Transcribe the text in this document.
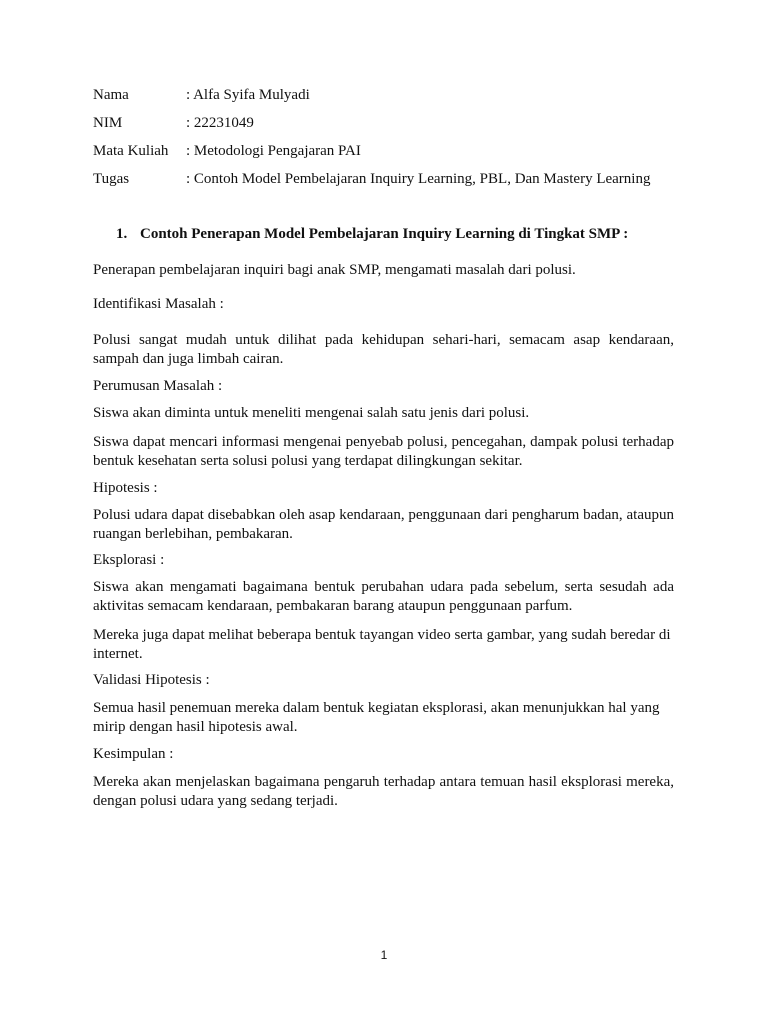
Nama	: Alfa Syifa Mulyadi
NIM	: 22231049
Mata Kuliah	: Metodologi Pengajaran PAI
Tugas	: Contoh Model Pembelajaran Inquiry Learning, PBL, Dan Mastery Learning
1. Contoh Penerapan Model Pembelajaran Inquiry Learning di Tingkat SMP :

Penerapan pembelajaran inquiri bagi anak SMP, mengamati masalah dari polusi.

Identifikasi Masalah :

Polusi sangat mudah untuk dilihat pada kehidupan sehari-hari, semacam asap kendaraan, sampah dan juga limbah cairan.

Perumusan Masalah :

Siswa akan diminta untuk meneliti mengenai salah satu jenis dari polusi.

Siswa dapat mencari informasi mengenai penyebab polusi, pencegahan, dampak polusi terhadap bentuk kesehatan serta solusi polusi yang terdapat dilingkungan sekitar.

Hipotesis :

Polusi udara dapat disebabkan oleh asap kendaraan, penggunaan dari pengharum badan, ataupun ruangan berlebihan, pembakaran.

Eksplorasi :

Siswa akan mengamati bagaimana bentuk perubahan udara pada sebelum, serta sesudah ada aktivitas semacam kendaraan, pembakaran barang ataupun penggunaan parfum.

Mereka juga dapat melihat beberapa bentuk tayangan video serta gambar, yang sudah beredar di internet.

Validasi Hipotesis :

Semua hasil penemuan mereka dalam bentuk kegiatan eksplorasi, akan menunjukkan hal yang mirip dengan hasil hipotesis awal.

Kesimpulan :

Mereka akan menjelaskan bagaimana pengaruh terhadap antara temuan hasil eksplorasi mereka, dengan polusi udara yang sedang terjadi.

1
